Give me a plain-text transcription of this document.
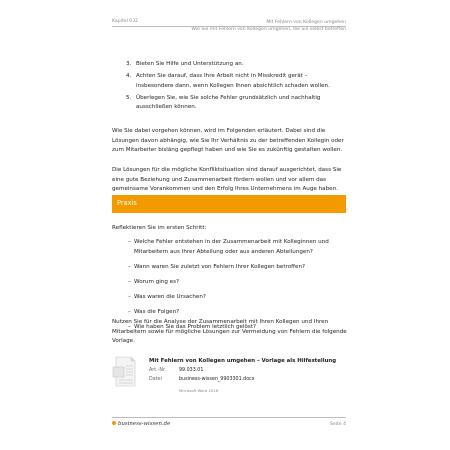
Kapitel 032	Mit Fehlern von Kollegen umgehen
Wie Sie mit Fehlern von Kollegen umgehen, die Sie selbst betreffen
3. Bieten Sie Hilfe und Unterstützung an.
4. Achten Sie darauf, dass Ihre Arbeit nicht in Misskredit gerät – insbesondere dann, wenn Kollegen Ihnen absichtlich schaden wollen.
5. Überlegen Sie, wie Sie solche Fehler grundsätzlich und nachhaltig ausschließen können.

Wie Sie dabei vorgehen können, wird im Folgenden erläutert. Dabei sind die Lösungen davon abhängig, wie Sie Ihr Verhältnis zu der betreffenden Kollegin oder zum Mitarbeiter bisläng gepflegt haben und wie Sie es zukünftig gestalten wollen.

Die Lösungen für die mögliche Konfliktsituation sind darauf ausgerichtet, dass Sie eine gute Beziehung und Zusammenarbeit fördern wollen und vor allem das gemeinsame Vorankommen und den Erfolg Ihres Unternehmens im Auge haben.

Praxis

Reflektieren Sie im ersten Schritt:

– Welche Fehler entstehen in der Zusammenarbeit mit Kolleginnen und Mitarbeitern aus Ihrer Abteilung oder aus anderen Abteilungen?
– Wann waren Sie zuletzt von Fehlern Ihrer Kollegen betroffen?
– Worum ging es?
– Was waren die Ursachen?
– Was die Folgen?
– Wie haben Sie das Problem letztlich gelöst?

Nutzen Sie für die Analyse der Zusammenarbeit mit Ihren Kollegen und Ihren Mitarbeitern sowie für mögliche Lösungen zur Vermeidung von Fehlern die folgende Vorlage.

Mit Fehlern von Kollegen umgehen – Vorlage als Hilfestellung
Art.-Nr.	99.033.01
Datei	business-wissen_9903301.docx
Microsoft Word 2016
business-wissen.de	Seite 4
